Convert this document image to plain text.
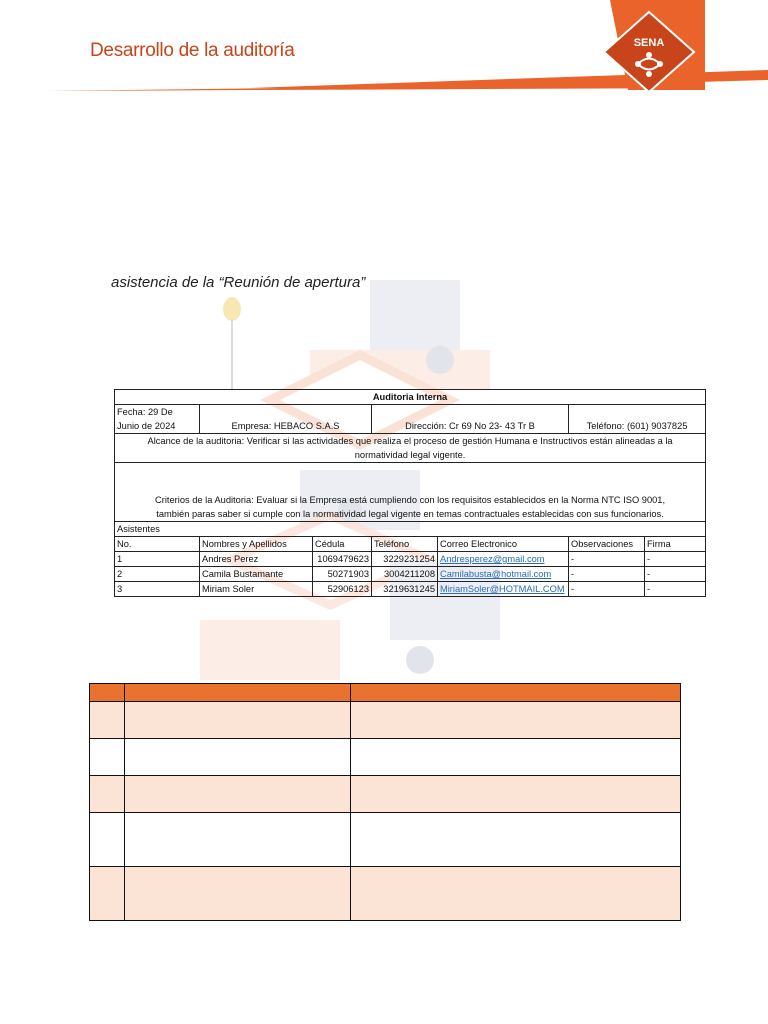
Desarrollo de la auditoría	SENA
asistencia de la “Reunión de apertura”
Auditoria Interna						
Fecha: 29 De						
Junio de 2024	Empresa: HEBACO S.A.S		Dirección: Cr 69 No 23- 43 Tr B		Teléfono: (601) 9037825	
Alcance de la auditoria: Verificar si las actividades que realiza el proceso de gestión Humana e Instructivos están alineadas a la						
normatividad legal vigente.						

Criterios de la Auditoria: Evaluar si la Empresa está cumpliendo con los requisitos establecidos en la Norma NTC ISO 9001,						
también paras saber si cumple con la normatividad legal vigente en temas contractuales establecidas con sus funcionarios.						
Asistentes						
No.	Nombres y Apellidos	Cédula	Teléfono	Correo Electronico	Observaciones	Firma
1	Andres Perez	1069479623	3229231254	Andresperez@gmail.com	-	-
2	Camila Bustamante	50271903	3004211208	Camilabusta@hotmail.com	-	-
3	Miriam Soler	52906123	3219631245	MiriamSoler@HOTMAIL.COM	-	-
